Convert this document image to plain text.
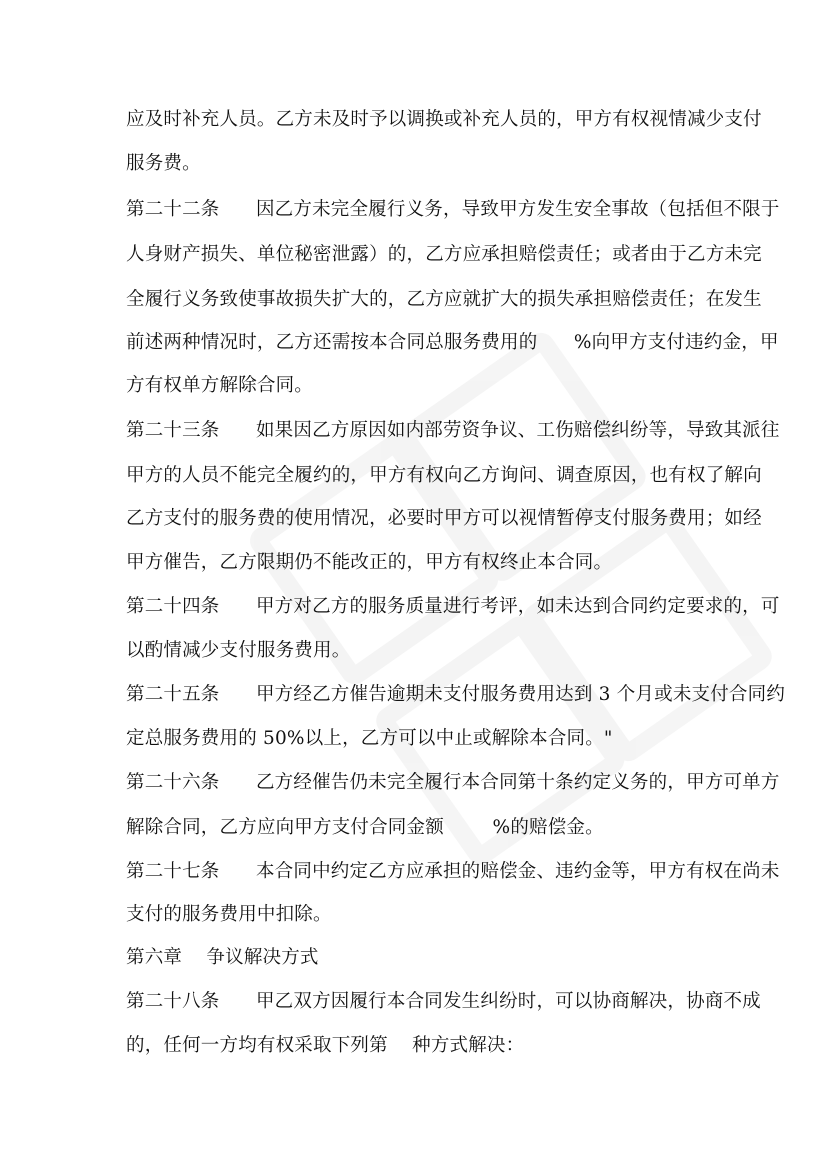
应及时补充人员。乙方未及时予以调换或补充人员的，甲方有权视情减少支付
服务费。
第二十二条      因乙方未完全履行义务，导致甲方发生安全事故（包括但不限于
人身财产损失、单位秘密泄露）的，乙方应承担赔偿责任；或者由于乙方未完
全履行义务致使事故损失扩大的，乙方应就扩大的损失承担赔偿责任；在发生
前述两种情况时，乙方还需按本合同总服务费用的      %向甲方支付违约金，甲
方有权单方解除合同。
第二十三条      如果因乙方原因如内部劳资争议、工伤赔偿纠纷等，导致其派往
甲方的人员不能完全履约的，甲方有权向乙方询问、调查原因，也有权了解向
乙方支付的服务费的使用情况，必要时甲方可以视情暂停支付服务费用；如经
甲方催告，乙方限期仍不能改正的，甲方有权终止本合同。
第二十四条      甲方对乙方的服务质量进行考评，如未达到合同约定要求的，可
以酌情减少支付服务费用。
第二十五条      甲方经乙方催告逾期未支付服务费用达到 3 个月或未支付合同约
定总服务费用的 50%以上，乙方可以中止或解除本合同。"
第二十六条      乙方经催告仍未完全履行本合同第十条约定义务的，甲方可单方
解除合同，乙方应向甲方支付合同金额        %的赔偿金。
第二十七条      本合同中约定乙方应承担的赔偿金、违约金等，甲方有权在尚未
支付的服务费用中扣除。
第六章    争议解决方式
第二十八条      甲乙双方因履行本合同发生纠纷时，可以协商解决，协商不成
的，任何一方均有权采取下列第    种方式解决：
